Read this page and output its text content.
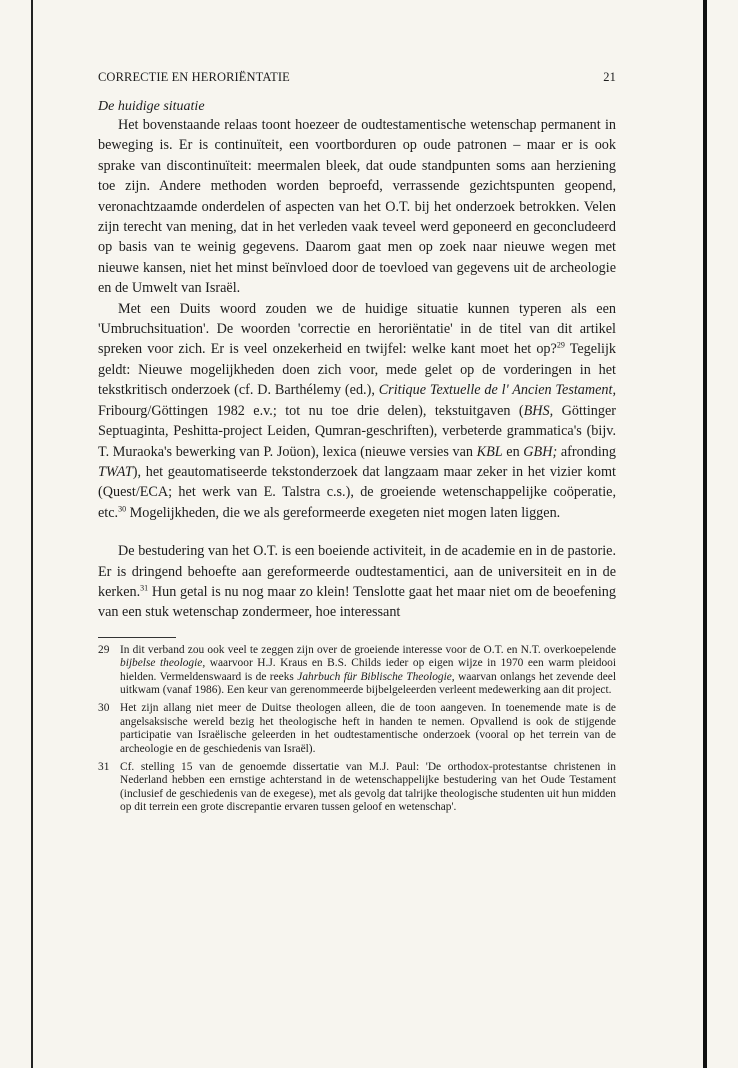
CORRECTIE EN HERORIËNTATIE	21
De huidige situatie

Het bovenstaande relaas toont hoezeer de oudtestamentische wetenschap permanent in beweging is. Er is continuïteit, een voortborduren op oude patronen – maar er is ook sprake van discontinuïteit: meermalen bleek, dat oude standpunten soms aan herziening toe zijn. Andere methoden worden beproefd, verrassende gezichtspunten geopend, veronachtzaamde onderdelen of aspecten van het O.T. bij het onderzoek betrokken. Velen zijn terecht van mening, dat in het verleden vaak teveel werd geponeerd en geconcludeerd op basis van te weinig gegevens. Daarom gaat men op zoek naar nieuwe wegen met nieuwe kansen, niet het minst beïnvloed door de toevloed van gegevens uit de archeologie en de Umwelt van Israël.

Met een Duits woord zouden we de huidige situatie kunnen typeren als een 'Umbruchsituation'. De woorden 'correctie en heroriëntatie' in de titel van dit artikel spreken voor zich. Er is veel onzekerheid en twijfel: welke kant moet het op?$^{29}$ Tegelijk geldt: Nieuwe mogelijkheden doen zich voor, mede gelet op de vorderingen in het tekstkritisch onderzoek (cf. D. Barthélemy (ed.), Critique Textuelle de l' Ancien Testament, Fribourg/Göttingen 1982 e.v.; tot nu toe drie delen), tekstuitgaven (BHS, Göttinger Septuaginta, Peshitta-project Leiden, Qumran-geschriften), verbeterde grammatica's (bijv. T. Muraoka's bewerking van P. Joüon), lexica (nieuwe versies van KBL en GBH; afronding TWAT), het geautomatiseerde tekstonderzoek dat langzaam maar zeker in het vizier komt (Quest/ECA; het werk van E. Talstra c.s.), de groeiende wetenschappelijke coöperatie, etc.$^{30}$ Mogelijkheden, die we als gereformeerde exegeten niet mogen laten liggen.

De bestudering van het O.T. is een boeiende activiteit, in de academie en in de pastorie. Er is dringend behoefte aan gereformeerde oudtestamentici, aan de universiteit en in de kerken.$^{31}$ Hun getal is nu nog maar zo klein! Tenslotte gaat het maar niet om de beoefening van een stuk wetenschap zondermeer, hoe interessant

29 In dit verband zou ook veel te zeggen zijn over de groeiende interesse voor de O.T. en N.T. overkoepelende bijbelse theologie, waarvoor H.J. Kraus en B.S. Childs ieder op eigen wijze in 1970 een warm pleidooi hielden. Vermeldenswaard is de reeks Jahrbuch für Biblische Theologie, waarvan onlangs het zevende deel uitkwam (vanaf 1986). Een keur van gerenommeerde bijbelgeleerden verleent medewerking aan dit project.
30 Het zijn allang niet meer de Duitse theologen alleen, die de toon aangeven. In toenemende mate is de angelsaksische wereld bezig het theologische heft in handen te nemen. Opvallend is ook de stijgende participatie van Israëlische geleerden in het oudtestamentische onderzoek (vooral op het terrein van de archeologie en de geschiedenis van Israël).
31 Cf. stelling 15 van de genoemde dissertatie van M.J. Paul: 'De orthodox-protestantse christenen in Nederland hebben een ernstige achterstand in de wetenschappelijke bestudering van het Oude Testament (inclusief de geschiedenis van de exegese), met als gevolg dat talrijke theologische studenten uit hun midden op dit terrein een grote discrepantie ervaren tussen geloof en wetenschap'.
